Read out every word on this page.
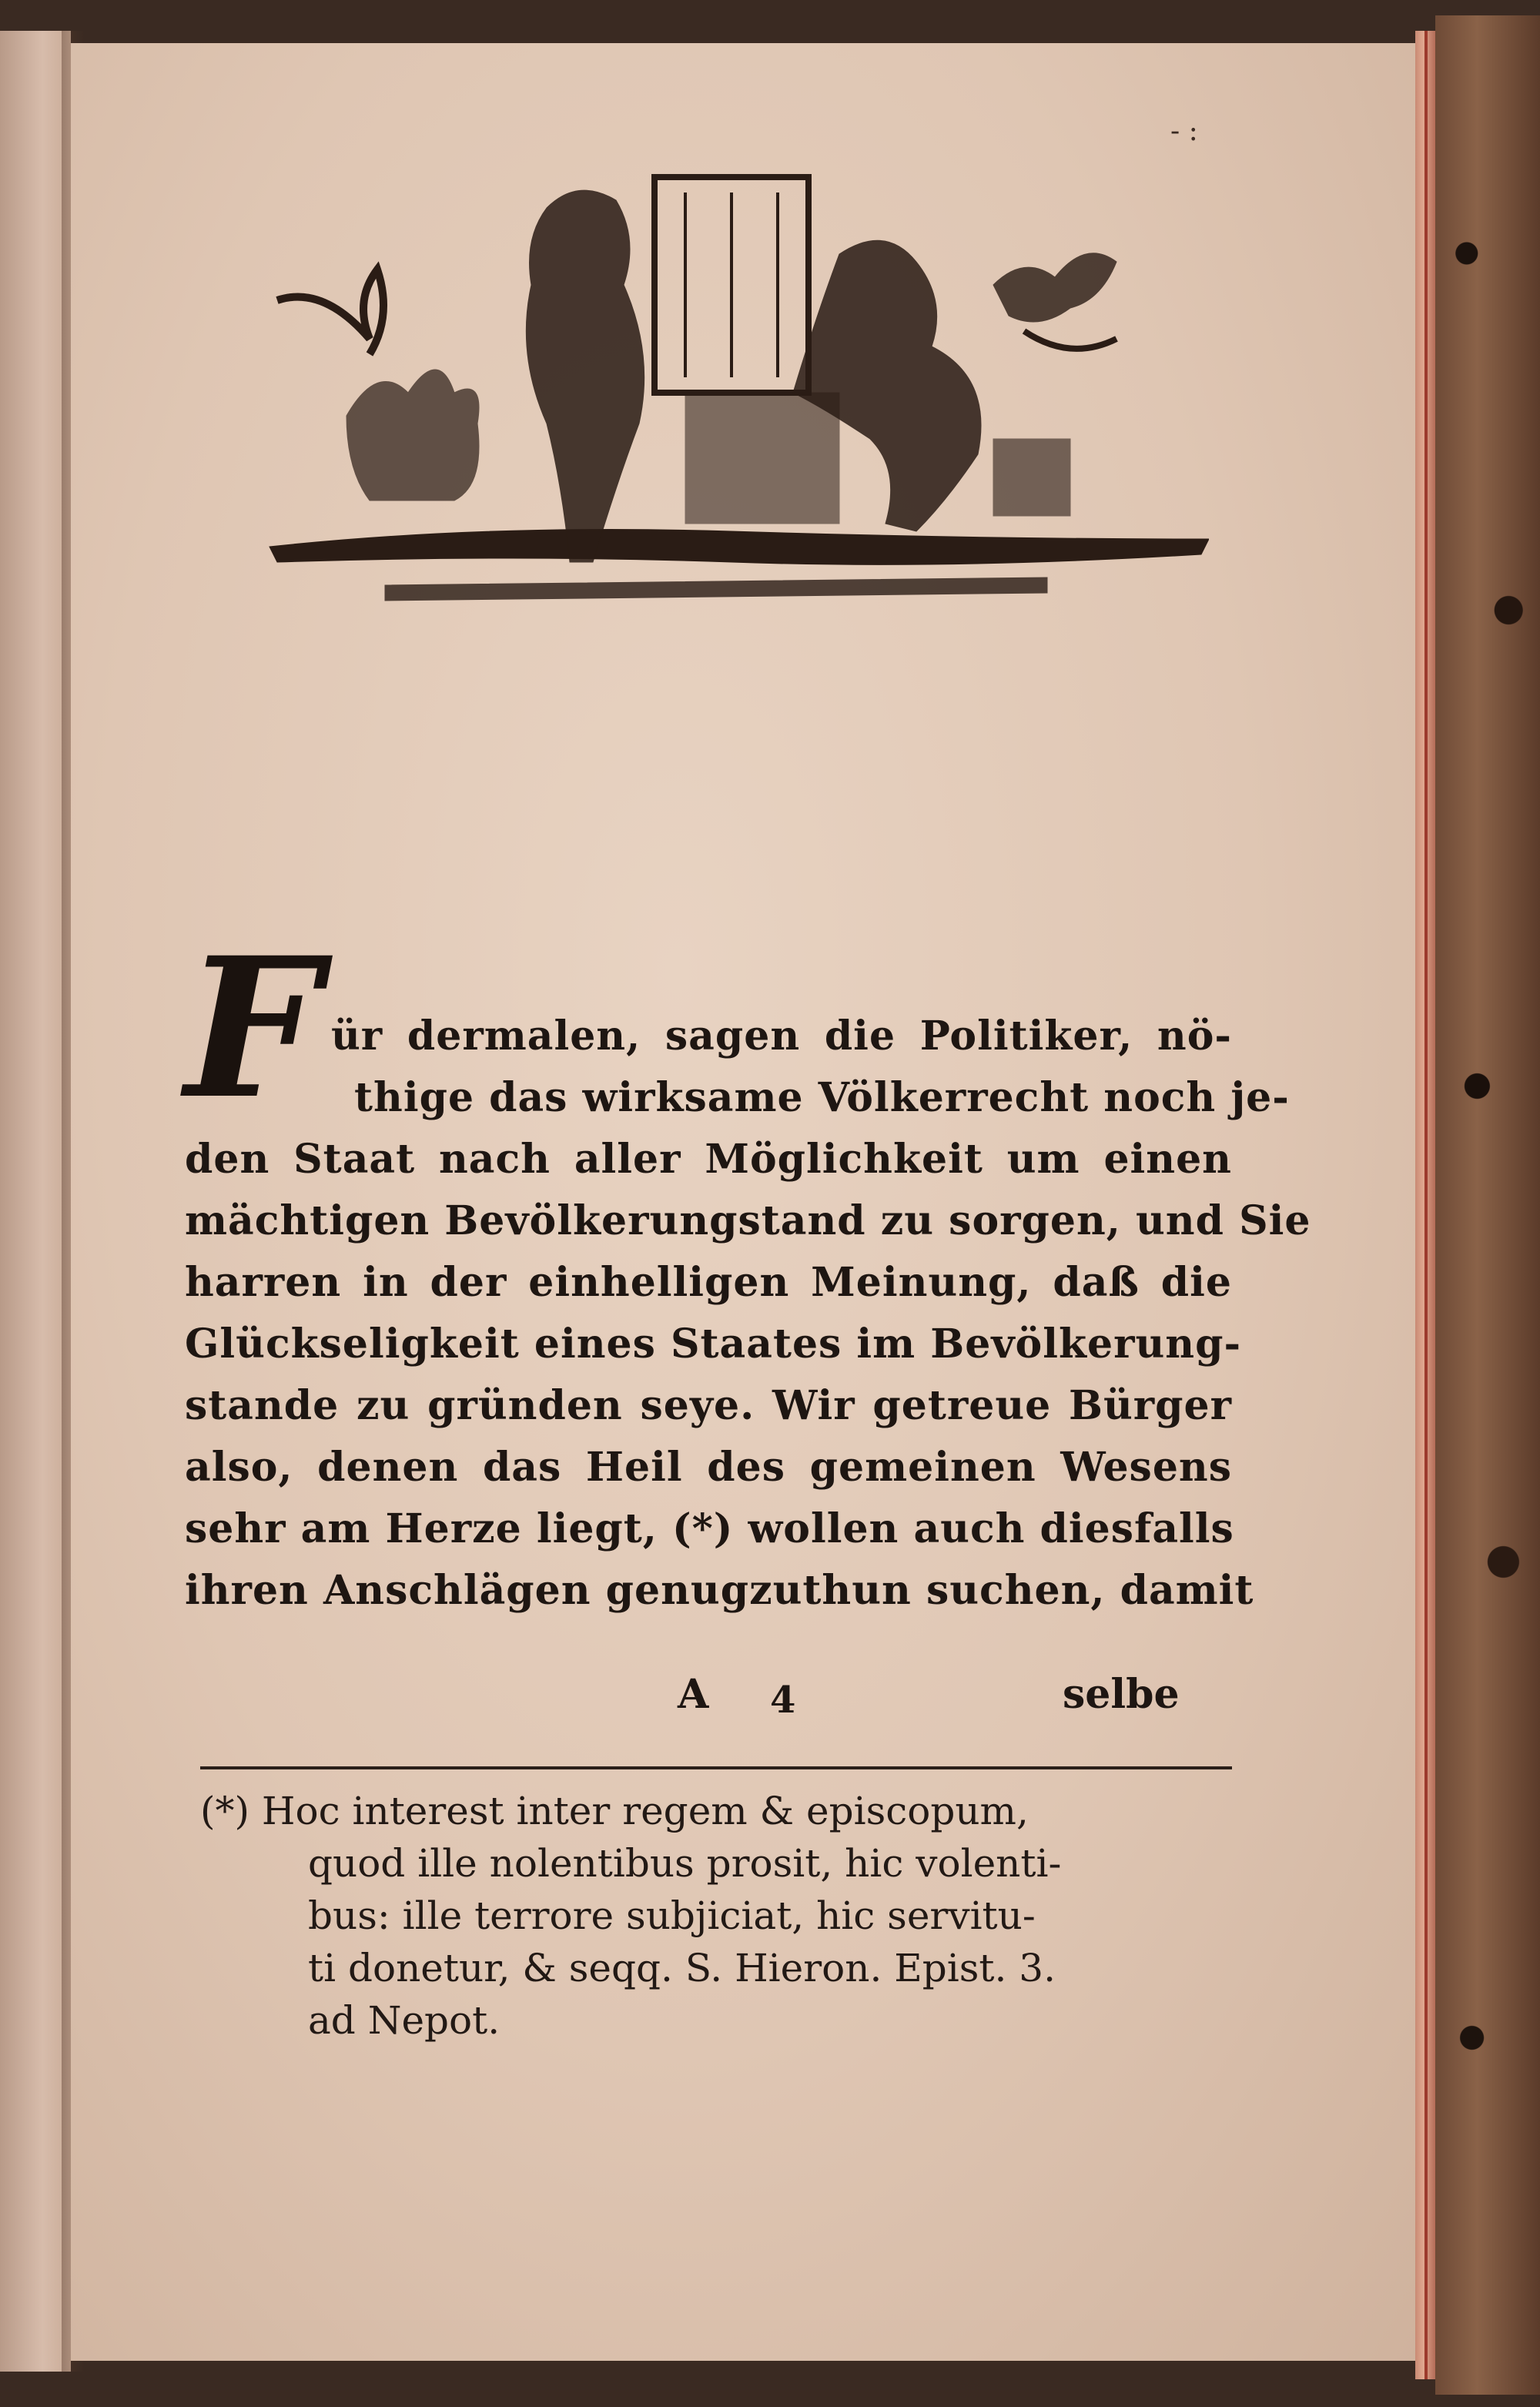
- :
F ür dermalen, sagen die Politiker, nö-
thige das wirksame Völkerrecht noch je-
den Staat nach aller Möglichkeit um einen
mächtigen Bevölkerungstand zu sorgen, und Sie
harren in der einhelligen Meinung, daß die
Glückseligkeit eines Staates im Bevölkerung-
stande zu gründen seye. Wir getreue Bürger
also, denen das Heil des gemeinen Wesens
sehr am Herze liegt, (*) wollen auch diesfalls
ihren Anschlägen genugzuthun suchen, damit
A 4	selbe
(*) Hoc interest inter regem & episcopum,
quod ille nolentibus prosit, hic volenti-
bus: ille terrore subjiciat, hic servitu-
ti donetur, & seqq. S. Hieron. Epist. 3.
ad Nepot.
